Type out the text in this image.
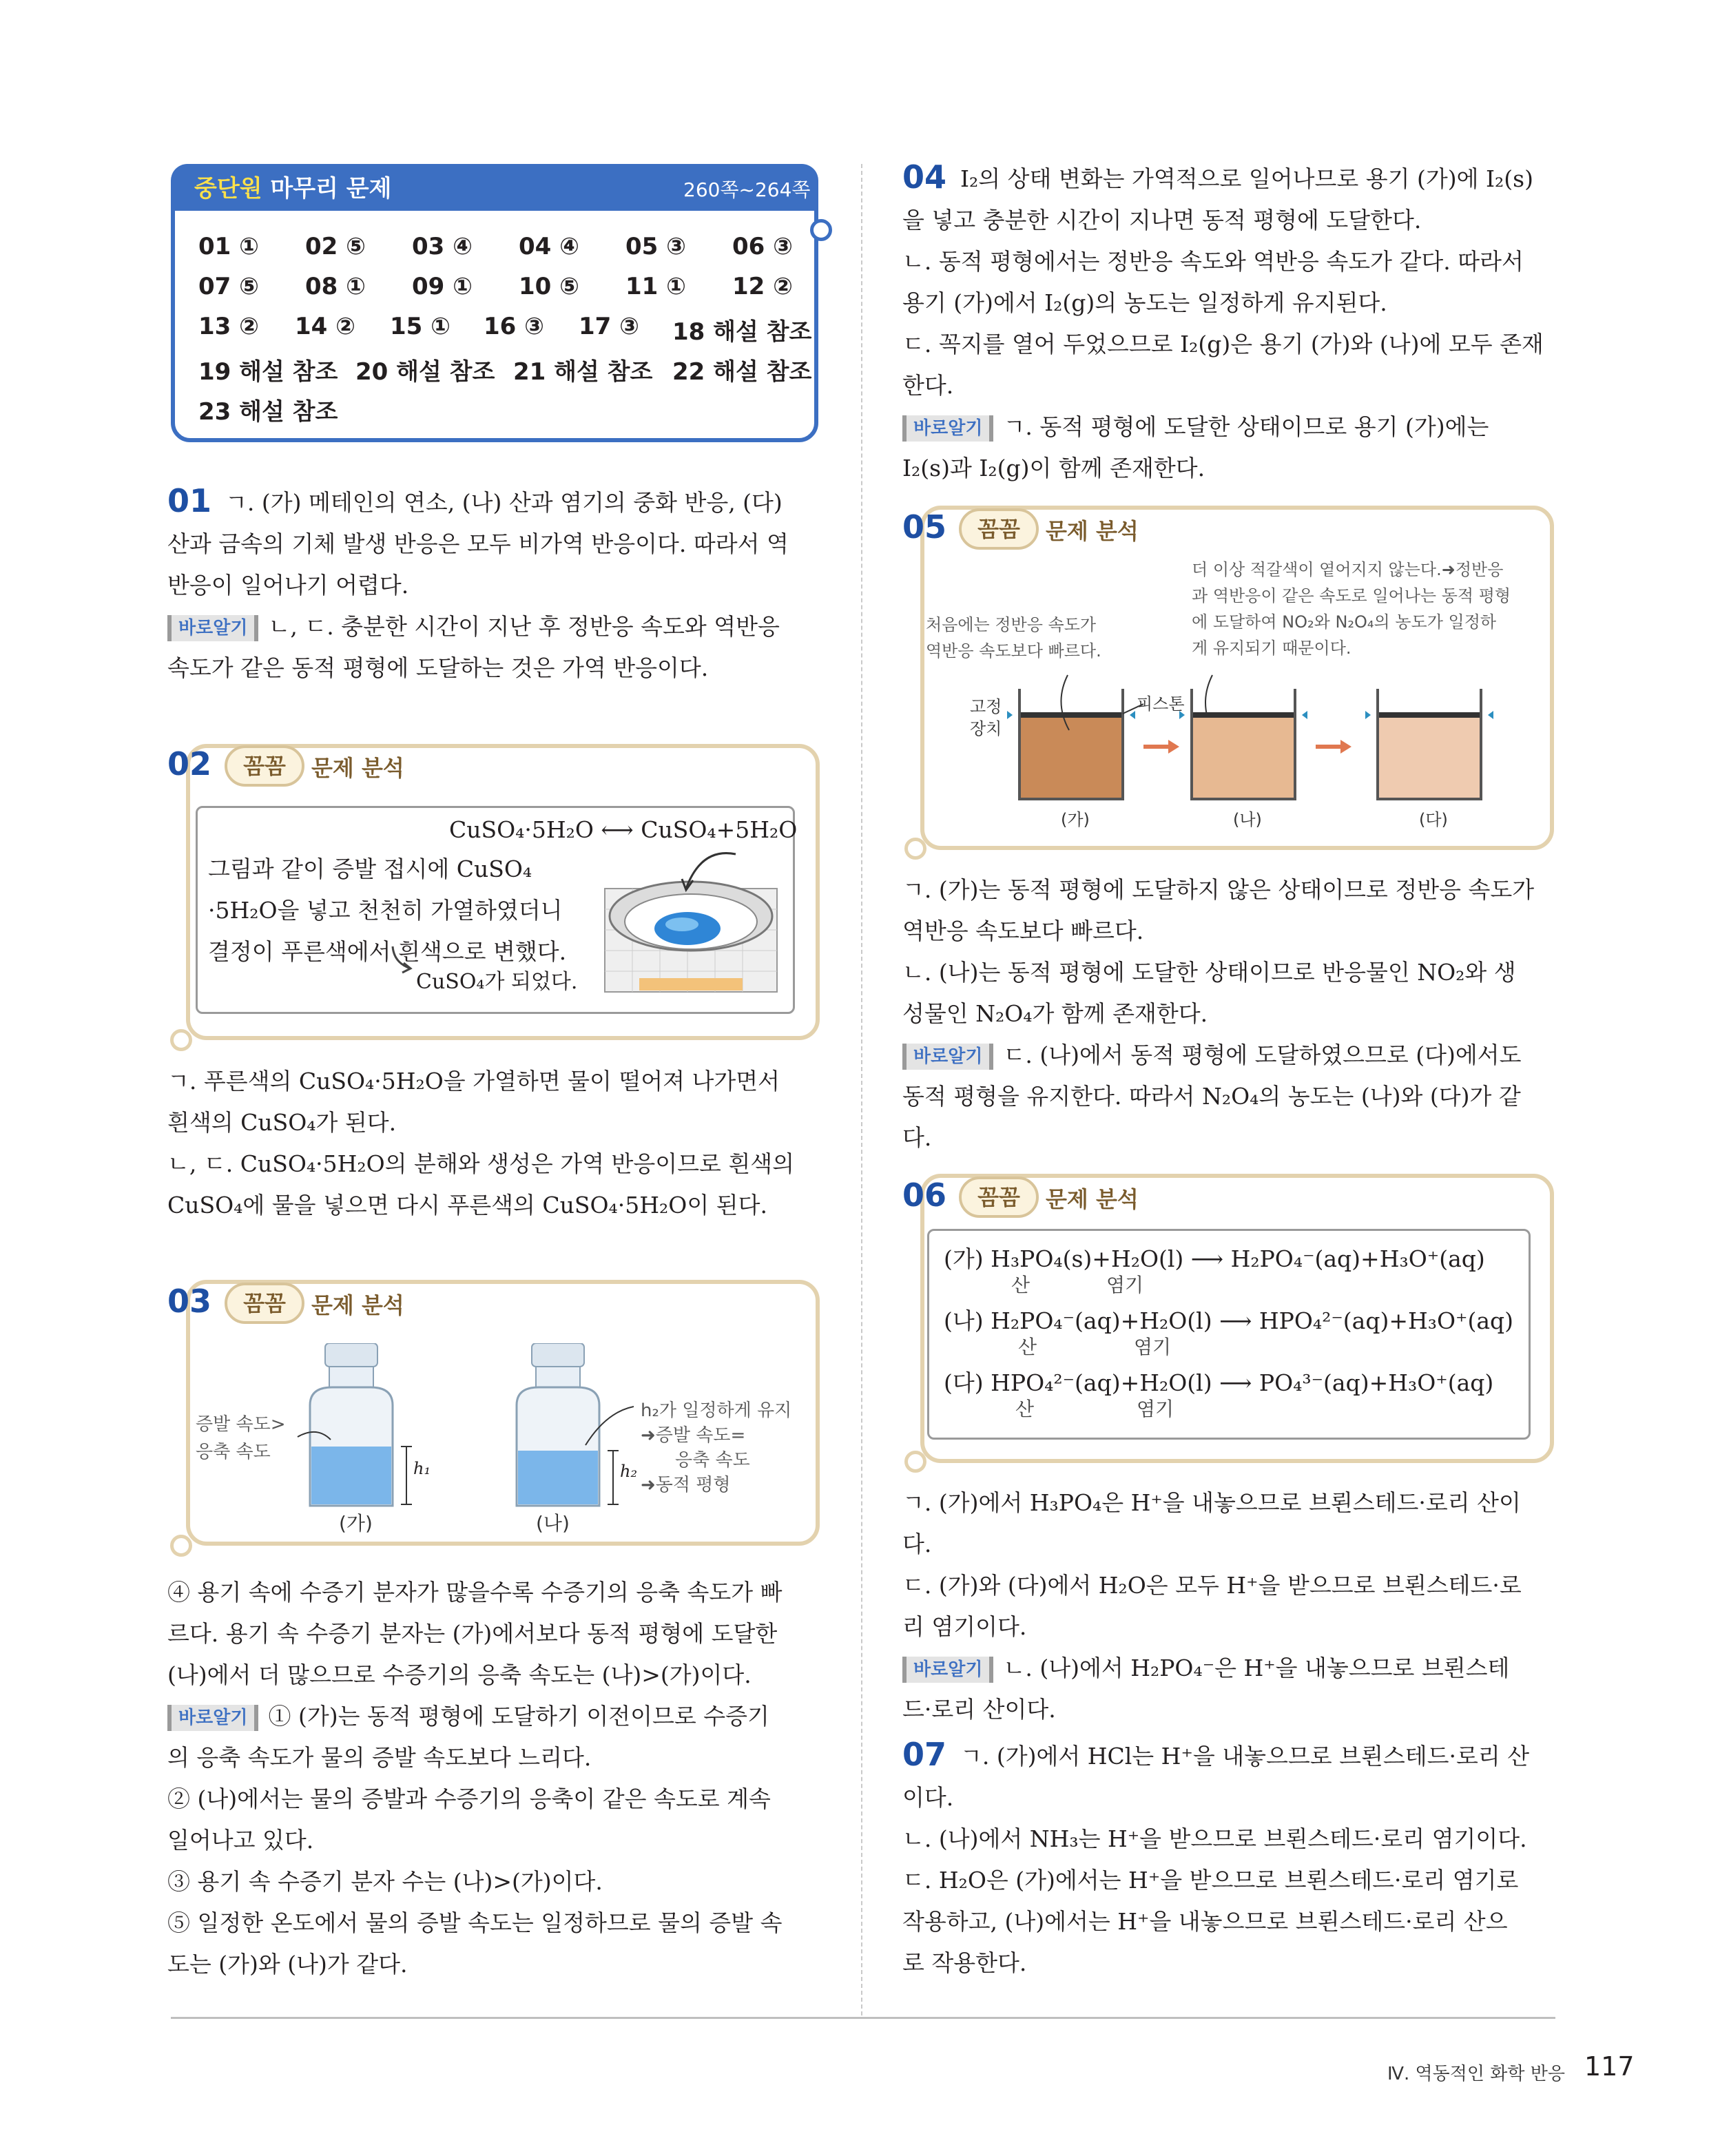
중단원 마무리 문제	260쪽~264쪽
01 ① 02 ⑤ 03 ④ 04 ④ 05 ③ 06 ③
07 ⑤ 08 ① 09 ① 10 ⑤ 11 ① 12 ②
13 ② 14 ② 15 ① 16 ③ 17 ③ 18 해설 참조
19 해설 참조 20 해설 참조 21 해설 참조 22 해설 참조
23 해설 참조
01 ㄱ. (가) 메테인의 연소, (나) 산과 염기의 중화 반응, (다)

산과 금속의 기체 발생 반응은 모두 비가역 반응이다. 따라서 역

반응이 일어나기 어렵다.

바로알기 ㄴ, ㄷ. 충분한 시간이 지난 후 정반응 속도와 역반응

속도가 같은 동적 평형에 도달하는 것은 가역 반응이다.

02	꼼꼼	문제 분석
CuSO₄·5H₂O ⟷ CuSO₄+5H₂O

그림과 같이 증발 접시에 CuSO₄

·5H₂O을 넣고 천천히 가열하였더니

결정이 푸른색에서 흰색으로 변했다.

CuSO₄가 되었다.

ㄱ. 푸른색의 CuSO₄·5H₂O을 가열하면 물이 떨어져 나가면서

흰색의 CuSO₄가 된다.

ㄴ, ㄷ. CuSO₄·5H₂O의 분해와 생성은 가역 반응이므로 흰색의

CuSO₄에 물을 넣으면 다시 푸른색의 CuSO₄·5H₂O이 된다.

03	꼼꼼	문제 분석
증발 속도>
응축 속도
h₁
(가)
h₂
(나)
h₂가 일정하게 유지
➜증발 속도=
응축 속도
➜동적 평형

④ 용기 속에 수증기 분자가 많을수록 수증기의 응축 속도가 빠

르다. 용기 속 수증기 분자는 (가)에서보다 동적 평형에 도달한

(나)에서 더 많으므로 수증기의 응축 속도는 (나)>(가)이다.

바로알기 ① (가)는 동적 평형에 도달하기 이전이므로 수증기

의 응축 속도가 물의 증발 속도보다 느리다.

② (나)에서는 물의 증발과 수증기의 응축이 같은 속도로 계속

일어나고 있다.

③ 용기 속 수증기 분자 수는 (나)>(가)이다.

⑤ 일정한 온도에서 물의 증발 속도는 일정하므로 물의 증발 속

도는 (가)와 (나)가 같다.

04 I₂의 상태 변화는 가역적으로 일어나므로 용기 (가)에 I₂(s)

을 넣고 충분한 시간이 지나면 동적 평형에 도달한다.

ㄴ. 동적 평형에서는 정반응 속도와 역반응 속도가 같다. 따라서

용기 (가)에서 I₂(g)의 농도는 일정하게 유지된다.

ㄷ. 꼭지를 열어 두었으므로 I₂(g)은 용기 (가)와 (나)에 모두 존재한다.

바로알기 ㄱ. 동적 평형에 도달한 상태이므로 용기 (가)에는

I₂(s)과 I₂(g)이 함께 존재한다.

05	꼼꼼	문제 분석
더 이상 적갈색이 옅어지지 않는다.➜정반응
과 역반응이 같은 속도로 일어나는 동적 평형
에 도달하여 NO₂와 N₂O₄의 농도가 일정하
게 유지되기 때문이다.
처음에는 정반응 속도가
역반응 속도보다 빠르다.
고정
장치
피스톤
(가)	(나)	(다)

ㄱ. (가)는 동적 평형에 도달하지 않은 상태이므로 정반응 속도가

역반응 속도보다 빠르다.

ㄴ. (나)는 동적 평형에 도달한 상태이므로 반응물인 NO₂와 생

성물인 N₂O₄가 함께 존재한다.

바로알기 ㄷ. (나)에서 동적 평형에 도달하였으므로 (다)에서도

동적 평형을 유지한다. 따라서 N₂O₄의 농도는 (나)와 (다)가 같다.

06	꼼꼼	문제 분석
(가) H₃PO₄(s)+H₂O(l) ⟶ H₂PO₄⁻(aq)+H₃O⁺(aq)
산	염기
(나) H₂PO₄⁻(aq)+H₂O(l) ⟶ HPO₄²⁻(aq)+H₃O⁺(aq)
산	염기
(다) HPO₄²⁻(aq)+H₂O(l) ⟶ PO₄³⁻(aq)+H₃O⁺(aq)
산	염기

ㄱ. (가)에서 H₃PO₄은 H⁺을 내놓으므로 브뢴스테드·로리 산이다.

ㄷ. (가)와 (다)에서 H₂O은 모두 H⁺을 받으므로 브뢴스테드·로

리 염기이다.

바로알기 ㄴ. (나)에서 H₂PO₄⁻은 H⁺을 내놓으므로 브뢴스테

드·로리 산이다.

07 ㄱ. (가)에서 HCl는 H⁺을 내놓으므로 브뢴스테드·로리 산

이다.

ㄴ. (나)에서 NH₃는 H⁺을 받으므로 브뢴스테드·로리 염기이다.

ㄷ. H₂O은 (가)에서는 H⁺을 받으므로 브뢴스테드·로리 염기로

작용하고, (나)에서는 H⁺을 내놓으므로 브뢴스테드·로리 산으

로 작용한다.

Ⅳ. 역동적인 화학 반응 117
